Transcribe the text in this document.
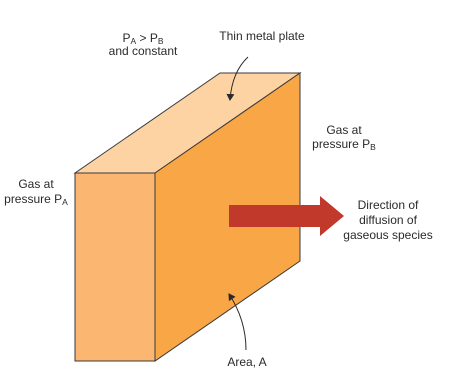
PA > PB
and constant
Thin metal plate
Gas at
pressure PB
Gas at
pressure PA	Direction of
diffusion of
gaseous species
Area, A
